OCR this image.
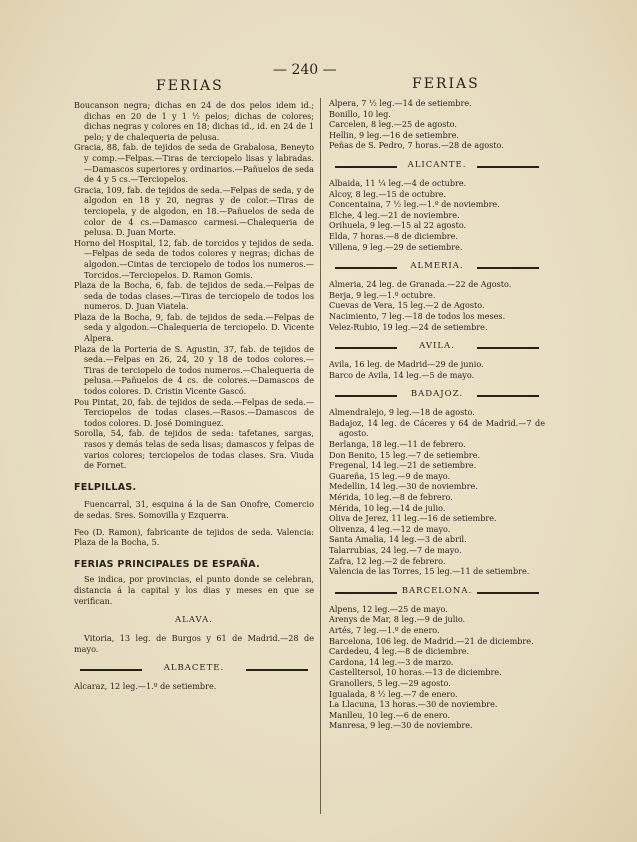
FERIAS
— 240 —
FERIAS

Boucanson negra; dichas en 24 de dos pelos idem id.; dichas en 20 de 1 y 1 ½ pelos; dichas de colores; dichas negras y colores en 18; dichas id., id. en 24 de 1 pelo; y de chalequeria de pelusa.

Gracia, 88, fab. de tejidos de seda de Grabalosa, Beneyto y comp.—Felpas.—Tiras de terciopelo lisas y labradas.—Damascos superiores y ordinarios.—Pañuelos de seda de 4 y 5 cs.—Terciopelos.

Gracia, 109, fab. de tejidos de seda.—Felpas de seda, y de algodon en 18 y 20, negras y de color.—Tiras de terciopela, y de algodon, en 18.—Pañuelos de seda de color de 4 cs.—Damasco carmesi.—Chalequeria de pelusa. D. Juan Morte.

Horno del Hospital, 12, fab. de torcidos y tejidos de seda.—Felpas de seda de todos colores y negras; dichas de algodon.—Cintas de terciopelo de todos los numeros.—Torcidos.—Terciopelos. D. Ramon Gomis.

Plaza de la Bocha, 6, fab. de tejidos de seda.—Felpas de seda de todas clases.—Tiras de terciopelo de todos los numeros. D. Juan Viatela.

Plaza de la Bocha, 9, fab. de tejidos de seda.—Felpas de seda y algodon.—Chalequeria de terciopelo. D. Vicente Alpera.

Plaza de la Porteria de S. Agustin, 37, fab. de tejidos de seda.—Felpas en 26, 24, 20 y 18 de todos colores.—Tiras de terciopelo de todos numeros.—Chalequeria de pelusa.—Pañuelos de 4 cs. de colores.—Damascos de todos colores. D. Cristin Vicente Gascó.

Pou Pintat, 20, fab. de tejidos de seda.—Felpas de seda.—Terciopelos de todas clases.—Rasos.—Damascos de todos colores. D. José Dominguez.

Sorolla, 54, fab. de tejidos de seda: tafetanes, sargas, rasos y demás telas de seda lisas; damascos y felpas de varios colores; terciopelos de todas clases. Sra. Viuda de Fornet.

FELPILLAS.

Fuencarral, 31, esquina á la de San Onofre, Comercio de sedas. Sres. Somovilla y Ezquerra.

Feo (D. Ramon), fabricante de tejidos de seda. Valencia: Plaza de la Bocha, 5.

FERIAS PRINCIPALES DE ESPAÑA.

Se indica, por provincias, el punto donde se celebran, distancia á la capital y los dias y meses en que se verifican.

ALAVA.

Vitoria, 13 leg. de Burgos y 61 de Madrid.—28 de mayo.

ALBACETE.

Alcaraz, 12 leg.—1.º de setiembre.

Alpera, 7 ½ leg.—14 de setiembre.

Bonillo, 10 leg.

Carcelen, 8 leg.—25 de agosto.

Hellin, 9 leg.—16 de setiembre.

Peñas de S. Pedro, 7 horas.—28 de agosto.

ALICANTE.

Albaida, 11 ¼ leg.—4 de octubre.

Alcoy, 8 leg.—15 de octubre.

Concentaina, 7 ½ leg.—1.º de noviembre.

Elche, 4 leg.—21 de noviembre.

Orihuela, 9 leg.—15 al 22 agosto.

Elda, 7 horas.—8 de diciembre.

Villena, 9 leg.—29 de setiembre.

ALMERIA.

Almeria, 24 leg. de Granada.—22 de Agosto.

Berja, 9 leg.—1.º octubre.

Cuevas de Vera, 15 leg.—2 de Agosto.

Nacimiento, 7 leg.—18 de todos los meses.

Velez-Rubio, 19 leg.—24 de setiembre.

AVILA.

Avila, 16 leg. de Madrid—29 de junio.

Barco de Avila, 14 leg.—5 de mayo.

BADAJOZ.

Almendralejo, 9 leg.—18 de agosto.

Badajoz, 14 leg. de Cáceres y 64 de Madrid.—7 de agosto.

Berlanga, 18 leg.—11 de febrero.

Don Benito, 15 leg.—7 de setiembre.

Fregenal, 14 leg.—21 de setiembre.

Guareña, 15 leg.—9 de mayo.

Medellin, 14 leg.—30 de noviembre.

Mérida, 10 leg.—8 de febrero.

Mérida, 10 leg.—14 de julio.

Oliva de Jerez, 11 leg.—16 de setiembre.

Olivenza, 4 leg.—12 de mayo.

Santa Amalia, 14 leg.—3 de abril.

Talarrubias, 24 leg.—7 de mayo.

Zafra, 12 leg.—2 de febrero.

Valencia de las Torres, 15 leg.—11 de setiembre.

BARCELONA.

Alpens, 12 leg.—25 de mayo.

Arenys de Mar, 8 leg.—9 de julio.

Artés, 7 leg.—1.º de enero.

Barcelona, 106 leg. de Madrid.—21 de diciembre.

Cardedeu, 4 leg.—8 de diciembre.

Cardona, 14 leg.—3 de marzo.

Castelltersol, 10 horas.—13 de diciembre.

Granollers, 5 leg.—29 agosto.

Igualada, 8 ½ leg.—7 de enero.

La Llacuna, 13 horas.—30 de noviembre.

Manlleu, 10 leg.—6 de enero.

Manresa, 9 leg.—30 de noviembre.
